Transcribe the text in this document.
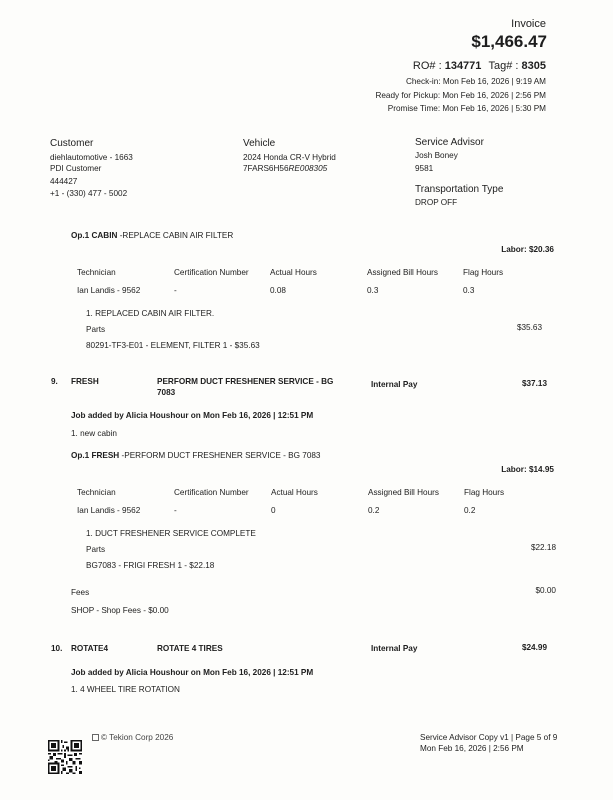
Invoice
$1,466.47
RO# : 134771 Tag# : 8305
Check-in: Mon Feb 16, 2026 | 9:19 AM
Ready for Pickup: Mon Feb 16, 2026 | 2:56 PM
Promise Time: Mon Feb 16, 2026 | 5:30 PM
Customer
diehlautomotive - 1663
PDI Customer
444427
+1 - (330) 477 - 5002
Vehicle
2024 Honda CR-V Hybrid
7FARS6H56RE008305
Service Advisor
Josh Boney
9581
Transportation Type
DROP OFF
Op.1 CABIN -REPLACE CABIN AIR FILTER
Labor: $20.36
Technician	Certification Number	Actual Hours	Assigned Bill Hours	Flag Hours
Ian Landis - 9562	-	0.08	0.3	0.3
1. REPLACED CABIN AIR FILTER.
Parts	$35.63
80291-TF3-E01 - ELEMENT, FILTER 1 - $35.63
9. FRESH	PERFORM DUCT FRESHENER SERVICE - BG
7083
Internal Pay	$37.13
Job added by Alicia Houshour on Mon Feb 16, 2026 | 12:51 PM
1. new cabin
Op.1 FRESH -PERFORM DUCT FRESHENER SERVICE - BG 7083
Labor: $14.95
Technician	Certification Number	Actual Hours	Assigned Bill Hours	Flag Hours
Ian Landis - 9562	-	0	0.2	0.2
1. DUCT FRESHENER SERVICE COMPLETE
Parts	$22.18
BG7083 - FRIGI FRESH 1 - $22.18
Fees	$0.00
SHOP - Shop Fees - $0.00
10. ROTATE4	ROTATE 4 TIRES	Internal Pay	$24.99
Job added by Alicia Houshour on Mon Feb 16, 2026 | 12:51 PM
1. 4 WHEEL TIRE ROTATION
© Tekion Corp 2026	Service Advisor Copy v1 | Page 5 of 9
Mon Feb 16, 2026 | 2:56 PM
